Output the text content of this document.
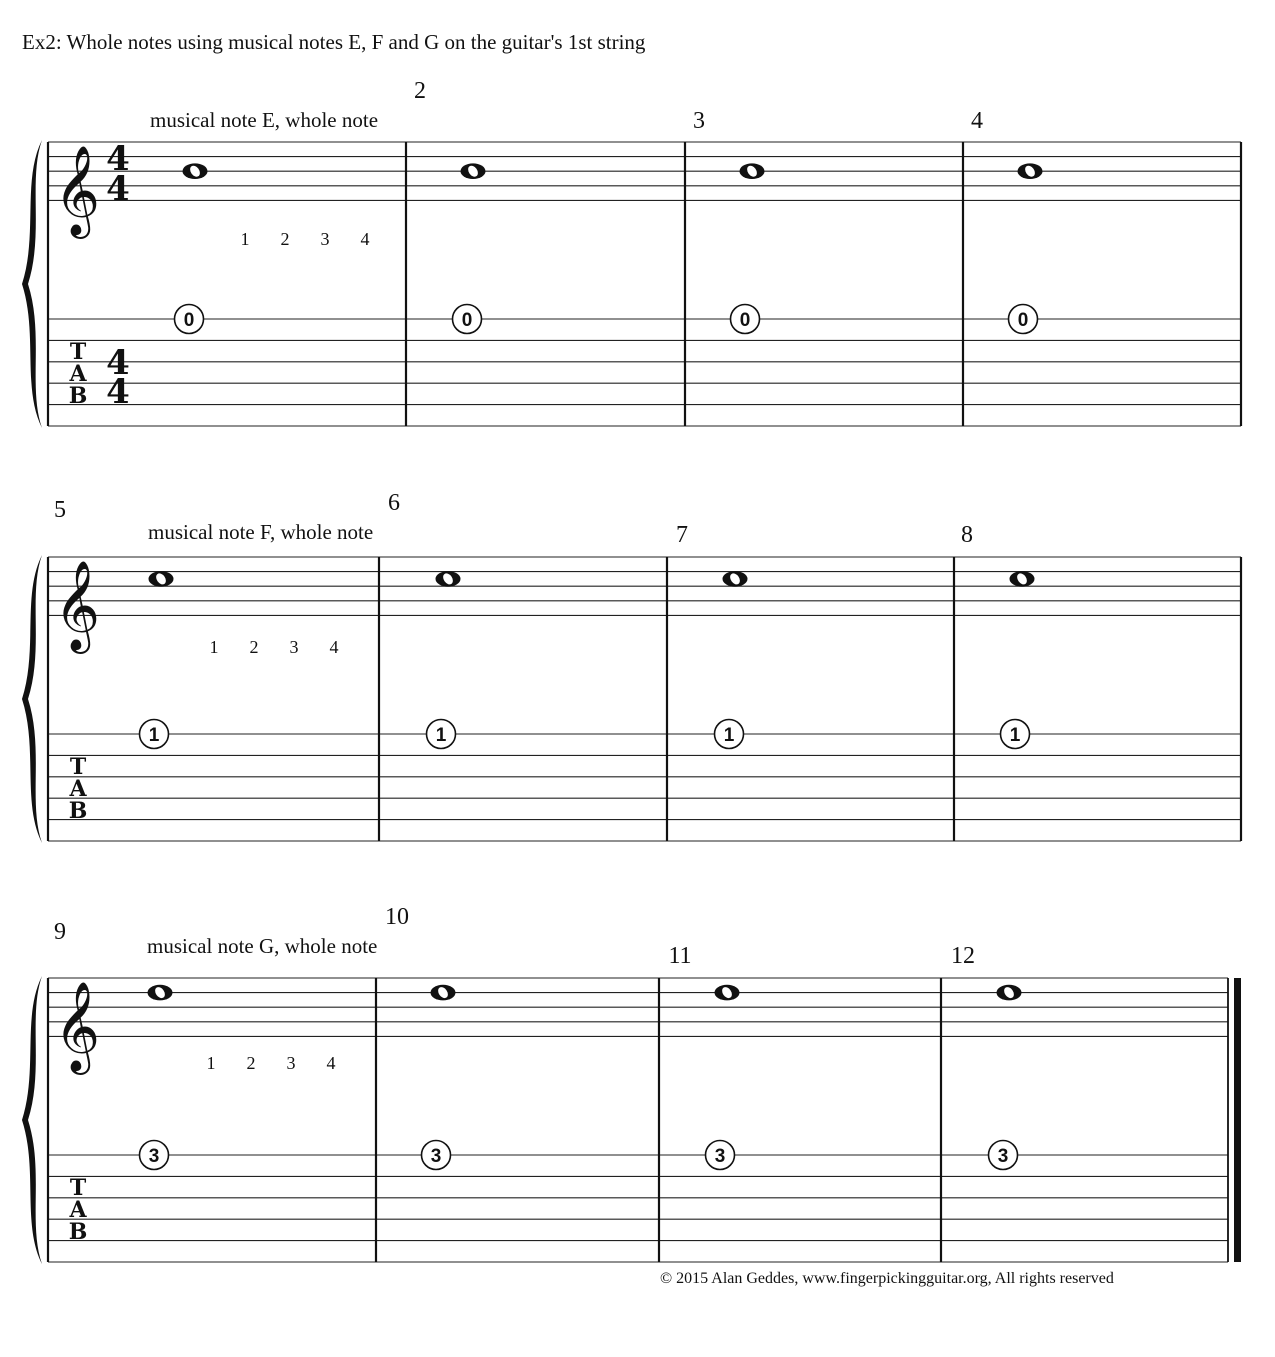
Ex2: Whole notes using musical notes E, F and G on the guitar's 1st string
𝄞
T
A
B
4
4
4
4
musical note E, whole note
1 2 3 4
0
2
0
3
0
4
0
𝄞
T
A
B
musical note F, whole note
1 2 3 4
5
1
6
1
7
1
8
1
𝄞
T
A
B
musical note G, whole note
1 2 3 4
9
3
10
3
11
3
12
3
© 2015 Alan Geddes, www.fingerpickingguitar.org, All rights reserved
